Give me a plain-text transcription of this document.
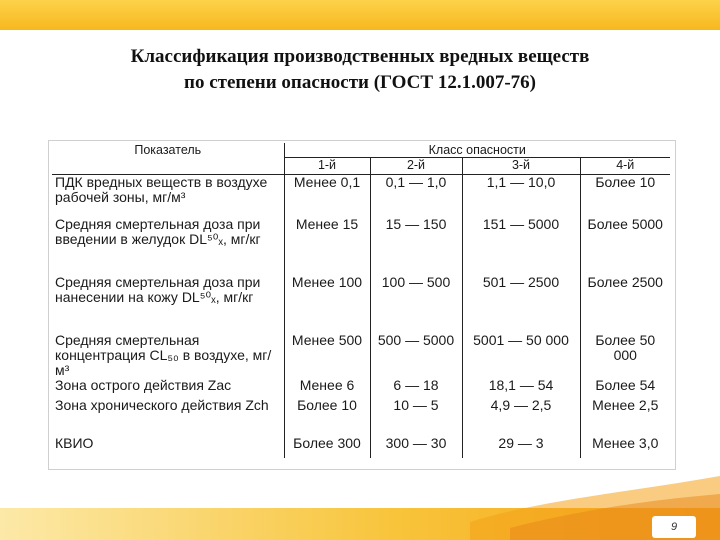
Классификация производственных вредных веществ
по степени опасности (ГОСТ 12.1.007-76)
Показатель	Класс опасности			
	1-й	2-й	3-й	4-й
ПДК вредных веществ в воздухе рабочей зоны, мг/м³	Менее 0,1	0,1 — 1,0	1,1 — 10,0	Более 10
Средняя смертельная доза при введении в желудок DL⁵⁰ₓ, мг/кг	Менее 15	15 — 150	151 — 5000	Более 5000
Средняя смертельная доза при нанесении на кожу DL⁵⁰ₓ, мг/кг	Менее 100	100 — 500	501 — 2500	Более 2500
Средняя смертельная концентрация CL₅₀ в воздухе, мг/м³	Менее 500	500 — 5000	5001 — 50 000	Более 50 000
Зона острого действия Zac	Менее 6	6 — 18	18,1 — 54	Более 54
Зона хронического действия Zch	Более 10	10 — 5	4,9 — 2,5	Менее 2,5
КВИО	Более 300	300 — 30	29 — 3	Менее 3,0
9
